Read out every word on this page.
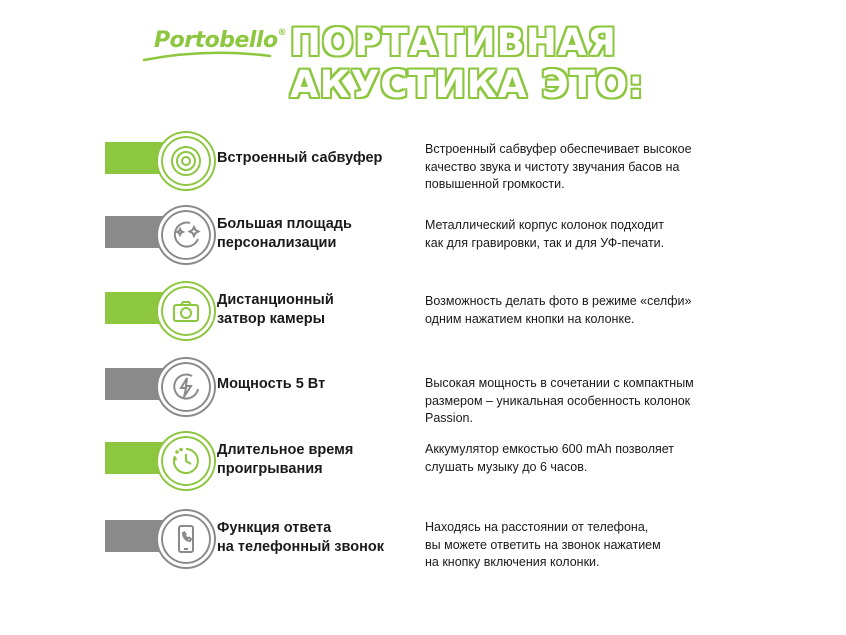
Portobello® ПОРТАТИВНАЯ
АКУСТИКА ЭТО:
Встроенный сабвуфер
Встроенный сабвуфер обеспечивает высокое
качество звука и чистоту звучания басов на
повышенной громкости.
Большая площадь
персонализации
Металлический корпус колонок подходит
как для гравировки, так и для УФ-печати.
Дистанционный
затвор камеры
Возможность делать фото в режиме «селфи»
одним нажатием кнопки на колонке.
Мощность 5 Вт	Высокая мощность в сочетании с компактным
размером – уникальная особенность колонок
Passion.
Длительное время
проигрывания
Аккумулятор емкостью 600 mAh позволяет
слушать музыку до 6 часов.
Функция ответа
на телефонный звонок
Находясь на расстоянии от телефона,
вы можете ответить на звонок нажатием
на кнопку включения колонки.
